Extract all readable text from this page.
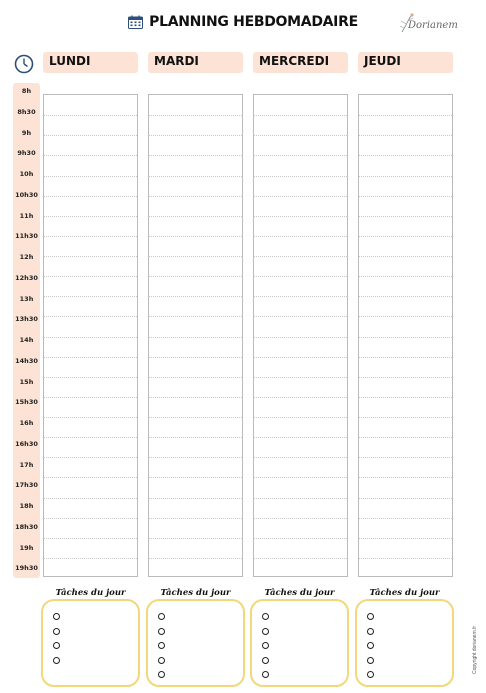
PLANNING HEBDOMADAIRE	Dorianem
LUNDI	MARDI	MERCREDI	JEUDI
8h
8h30
9h
9h30
10h
10h30
11h
11h30
12h
12h30
13h
13h30
14h
14h30
15h
15h30
16h
16h30
17h
17h30
18h
18h30
19h
19h30
Tâches du jour	Tâches du jour	Tâches du jour	Tâches du jour
Copyright dorianem.fr
